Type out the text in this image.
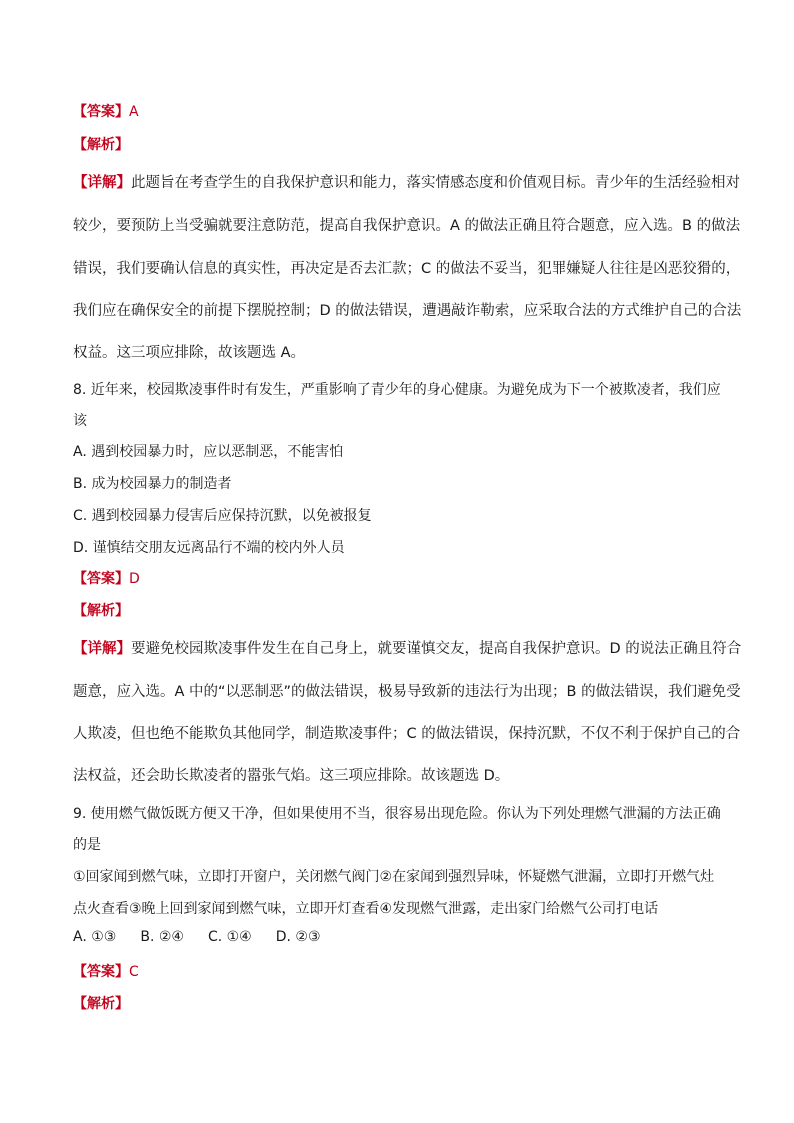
【答案】A
【解析】
【详解】此题旨在考查学生的自我保护意识和能力，落实情感态度和价值观目标。青少年的生活经验相对
较少，要预防上当受骗就要注意防范，提高自我保护意识。A 的做法正确且符合题意，应入选。B 的做法
错误，我们要确认信息的真实性，再决定是否去汇款；C 的做法不妥当，犯罪嫌疑人往往是凶恶狡猾的，
我们应在确保安全的前提下摆脱控制；D 的做法错误，遭遇敲诈勒索，应采取合法的方式维护自己的合法
权益。这三项应排除，故该题选 A。
8. 近年来，校园欺凌事件时有发生，严重影响了青少年的身心健康。为避免成为下一个被欺凌者，我们应
该
A. 遇到校园暴力时，应以恶制恶，不能害怕
B. 成为校园暴力的制造者
C. 遇到校园暴力侵害后应保持沉默，以免被报复
D. 谨慎结交朋友远离品行不端的校内外人员
【答案】D
【解析】
【详解】要避免校园欺凌事件发生在自己身上，就要谨慎交友，提高自我保护意识。D 的说法正确且符合
题意，应入选。A 中的“以恶制恶”的做法错误，极易导致新的违法行为出现；B 的做法错误，我们避免受
人欺凌，但也绝不能欺负其他同学，制造欺凌事件；C 的做法错误，保持沉默，不仅不利于保护自己的合
法权益，还会助长欺凌者的嚣张气焰。这三项应排除。故该题选 D。
9. 使用燃气做饭既方便又干净，但如果使用不当，很容易出现危险。你认为下列处理燃气泄漏的方法正确
的是
①回家闻到燃气味，立即打开窗户，关闭燃气阀门②在家闻到强烈异味，怀疑燃气泄漏，立即打开燃气灶
点火查看③晚上回到家闻到燃气味，立即开灯查看④发现燃气泄露，走出家门给燃气公司打电话
A. ①③ B. ②④ C. ①④ D. ②③
【答案】C
【解析】
